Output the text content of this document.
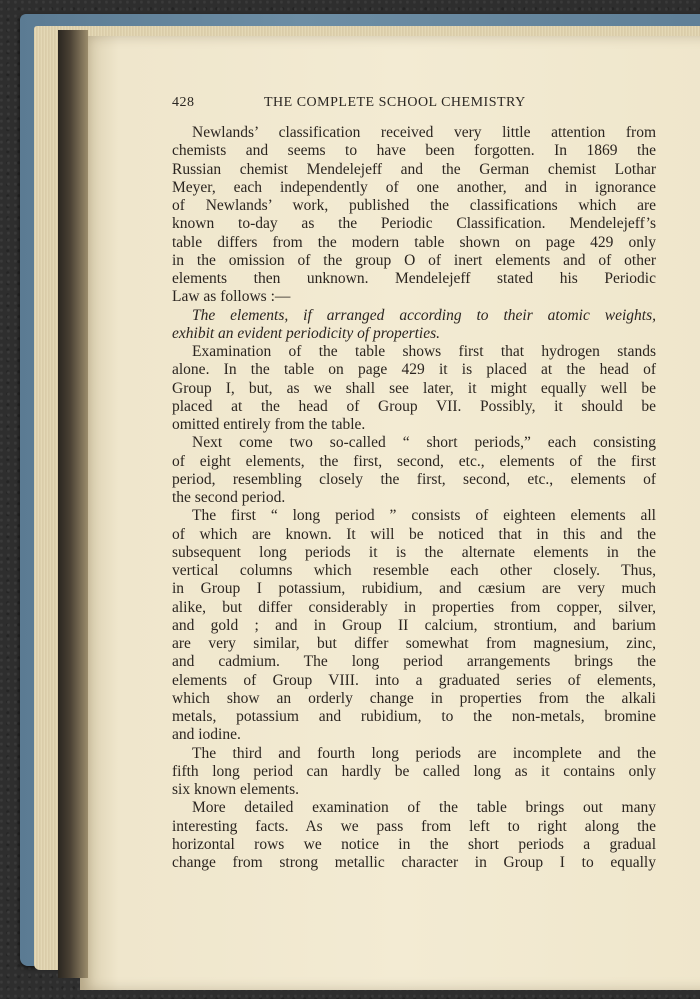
428	THE COMPLETE SCHOOL CHEMISTRY
Newlands’ classification received very little attention from
chemists and seems to have been forgotten. In 1869 the
Russian chemist Mendelejeff and the German chemist Lothar
Meyer, each independently of one another, and in ignorance
of Newlands’ work, published the classifications which are
known to-day as the Periodic Classification. Mendelejeff’s
table differs from the modern table shown on page 429 only
in the omission of the group O of inert elements and of other
elements then unknown. Mendelejeff stated his Periodic
Law as follows :—
The elements, if arranged according to their atomic weights,
exhibit an evident periodicity of properties.
Examination of the table shows first that hydrogen stands
alone. In the table on page 429 it is placed at the head of
Group I, but, as we shall see later, it might equally well be
placed at the head of Group VII. Possibly, it should be
omitted entirely from the table.
Next come two so-called “ short periods,” each consisting
of eight elements, the first, second, etc., elements of the first
period, resembling closely the first, second, etc., elements of
the second period.
The first “ long period ” consists of eighteen elements all
of which are known. It will be noticed that in this and the
subsequent long periods it is the alternate elements in the
vertical columns which resemble each other closely. Thus,
in Group I potassium, rubidium, and cæsium are very much
alike, but differ considerably in properties from copper, silver,
and gold ; and in Group II calcium, strontium, and barium
are very similar, but differ somewhat from magnesium, zinc,
and cadmium. The long period arrangements brings the
elements of Group VIII. into a graduated series of elements,
which show an orderly change in properties from the alkali
metals, potassium and rubidium, to the non-metals, bromine
and iodine.
The third and fourth long periods are incomplete and the
fifth long period can hardly be called long as it contains only
six known elements.
More detailed examination of the table brings out many
interesting facts. As we pass from left to right along the
horizontal rows we notice in the short periods a gradual
change from strong metallic character in Group I to equally
